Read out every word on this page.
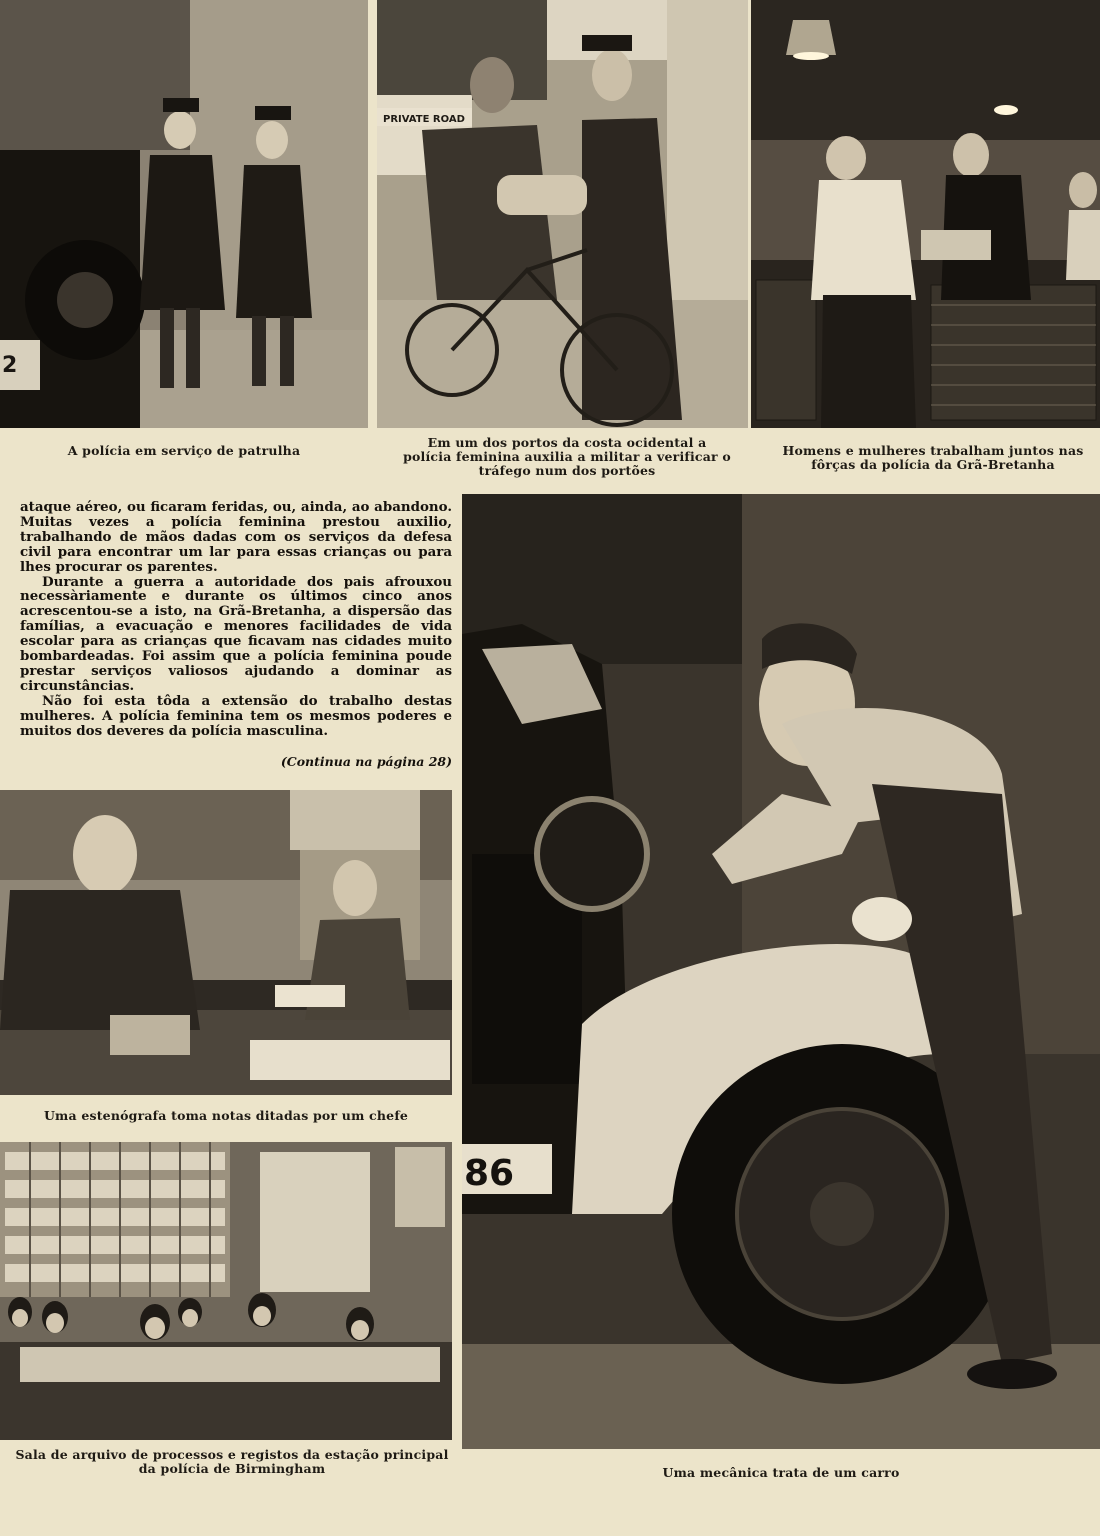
2
PRIVATE ROAD
A polícia em serviço de patrulha
Em um dos portos da costa ocidental a polícia feminina auxilia a militar a verificar o tráfego num dos portões
Homens e mulheres trabalham juntos nas fôrças da polícia da Grã-Bretanha

ataque aéreo, ou ficaram feridas, ou, ainda, ao abandono. Muitas vezes a polícia feminina prestou auxilio, trabalhando de mãos dadas com os serviços da defesa civil para encontrar um lar para essas crianças ou para lhes procurar os parentes.

Durante a guerra a autoridade dos pais afrouxou necessàriamente e durante os últimos cinco anos acrescentou-se a isto, na Grã-Bretanha, a dispersão das famílias, a evacuação e menores facilidades de vida escolar para as crianças que ficavam nas cidades muito bombardeadas. Foi assim que a polícia feminina poude prestar serviços valiosos ajudando a dominar as circunstâncias.

Não foi esta tôda a extensão do trabalho destas mulheres. A polícia feminina tem os mesmos poderes e muitos dos deveres da polícia masculina.

(Continua na página 28)
Uma estenógrafa toma notas ditadas por um chefe
Sala de arquivo de processos e registos da estação principal da polícia de Birmingham
86
Uma mecânica trata de um carro
